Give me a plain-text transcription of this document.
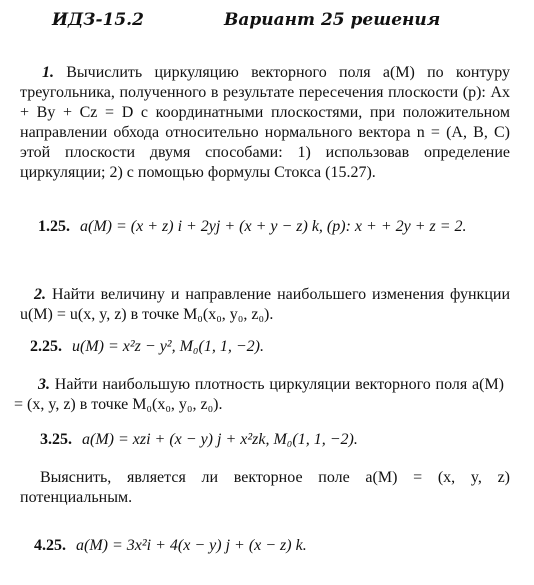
ИДЗ-15.2	Вариант 25 решения

1. Вычислить циркуляцию векторного поля a(M) по контуру треугольника, полученного в результате пересечения плоскости (p): Ax + By + Cz = D с координатными плоскостями, при положительном направлении обхода относительно нормального вектора n = (A, B, C) этой плоскости двумя способами: 1) использовав определение циркуляции; 2) с помощью формулы Стокса (15.27).

1.25. a(M) = (x + z) i + 2yj + (x + y − z) k, (p): x + + 2y + z = 2.

2. Найти величину и направление наибольшего изменения функции u(M) = u(x, y, z) в точке M₀(x₀, y₀, z₀).

2.25. u(M) = x²z − y², M₀(1, 1, −2).

3. Найти наибольшую плотность циркуляции векторного поля a(M) = (x, y, z) в точке M₀(x₀, y₀, z₀).

3.25. a(M) = xzi + (x − y) j + x²zk, M₀(1, 1, −2).

Выяснить, является ли векторное поле a(M) = (x, y, z) потенциальным.

4.25. a(M) = 3x²i + 4(x − y) j + (x − z) k.
